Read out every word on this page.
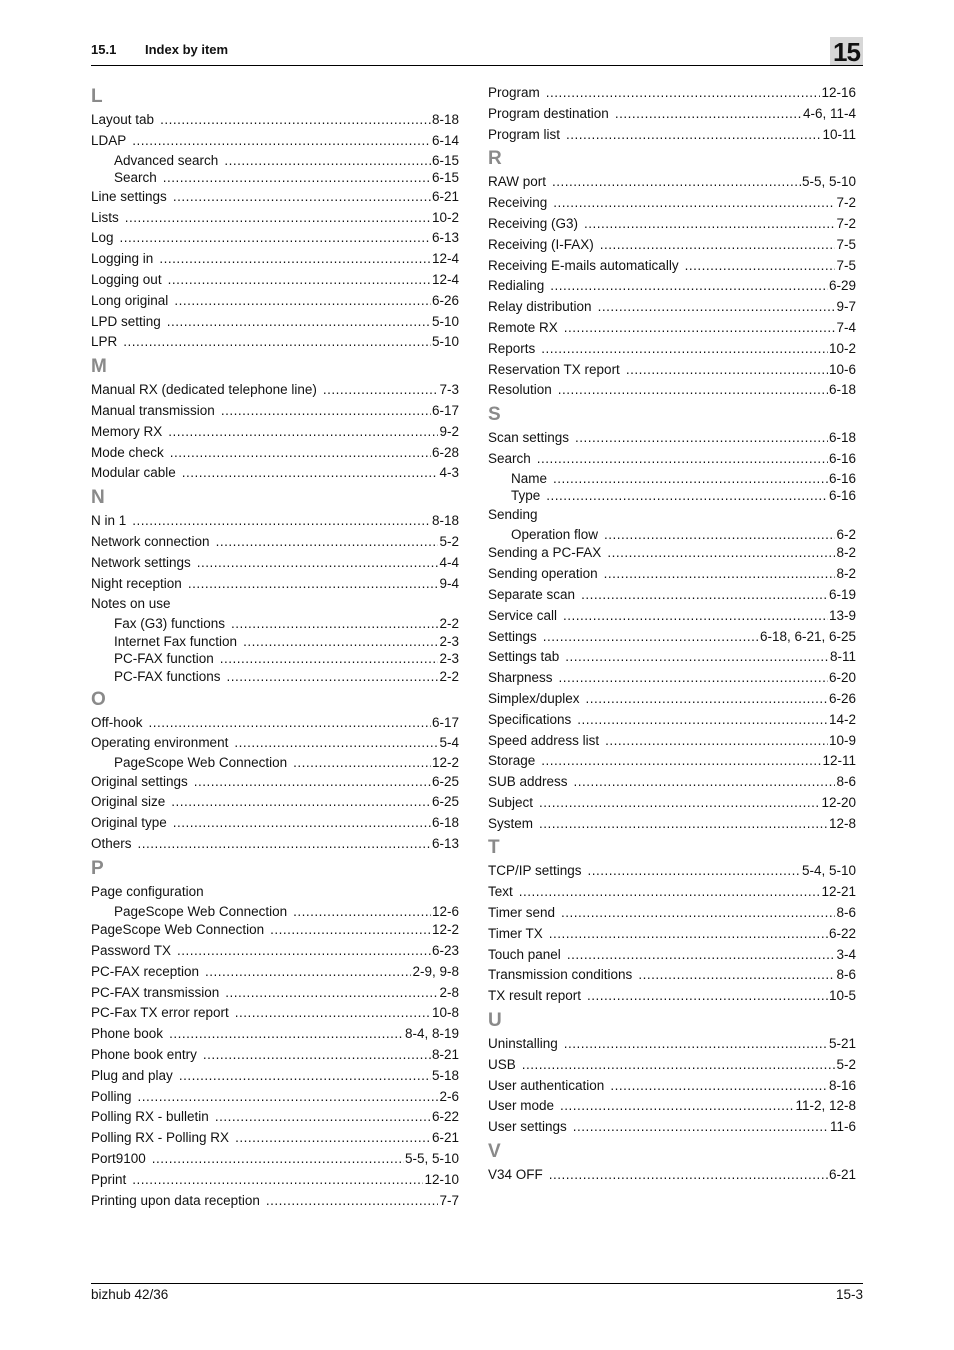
15.1 Index by item	15
L
Layout tab .....	8-18
LDAP .....	6-14
Advanced search .....	6-15
Search .....	6-15
Line settings .....	6-21
Lists .....	10-2
Log .....	6-13
Logging in .....	12-4
Logging out .....	12-4
Long original .....	6-26
LPD setting .....	5-10
LPR .....	5-10
M
Manual RX (dedicated telephone line) .....	7-3
Manual transmission .....	6-17
Memory RX .....	9-2
Mode check .....	6-28
Modular cable .....	4-3
N
N in 1 .....	8-18
Network connection .....	5-2
Network settings .....	4-4
Night reception .....	9-4
Notes on use
Fax (G3) functions .....	2-2
Internet Fax function .....	2-3
PC-FAX function .....	2-3
PC-FAX functions .....	2-2
O
Off-hook .....	6-17
Operating environment .....	5-4
PageScope Web Connection .....	12-2
Original settings .....	6-25
Original size .....	6-25
Original type .....	6-18
Others .....	6-13
P
Page configuration
PageScope Web Connection .....	12-6
PageScope Web Connection .....	12-2
Password TX .....	6-23
PC-FAX reception .....	2-9, 9-8
PC-FAX transmission .....	2-8
PC-Fax TX error report .....	10-8
Phone book .....	8-4, 8-19
Phone book entry .....	8-21
Plug and play .....	5-18
Polling .....	2-6
Polling RX - bulletin .....	6-22
Polling RX - Polling RX .....	6-21
Port9100 .....	5-5, 5-10
Pprint .....	12-10
Printing upon data reception .....	7-7
Program .....	12-16
Program destination .....	4-6, 11-4
Program list .....	10-11
R
RAW port .....	5-5, 5-10
Receiving .....	7-2
Receiving (G3) .....	7-2
Receiving (I-FAX) .....	7-5
Receiving E-mails automatically .....	7-5
Redialing .....	6-29
Relay distribution .....	9-7
Remote RX .....	7-4
Reports .....	10-2
Reservation TX report .....	10-6
Resolution .....	6-18
S
Scan settings .....	6-18
Search .....	6-16
Name .....	6-16
Type .....	6-16
Sending
Operation flow .....	6-2
Sending a PC-FAX .....	8-2
Sending operation .....	8-2
Separate scan .....	6-19
Service call .....	13-9
Settings .....	6-18, 6-21, 6-25
Settings tab .....	8-11
Sharpness .....	6-20
Simplex/duplex .....	6-26
Specifications .....	14-2
Speed address list .....	10-9
Storage .....	12-11
SUB address .....	8-6
Subject .....	12-20
System .....	12-8
T
TCP/IP settings .....	5-4, 5-10
Text .....	12-21
Timer send .....	8-6
Timer TX .....	6-22
Touch panel .....	3-4
Transmission conditions .....	8-6
TX result report .....	10-5
U
Uninstalling .....	5-21
USB .....	5-2
User authentication .....	8-16
User mode .....	11-2, 12-8
User settings .....	11-6
V
V34 OFF .....	6-21
bizhub 42/36	15-3
